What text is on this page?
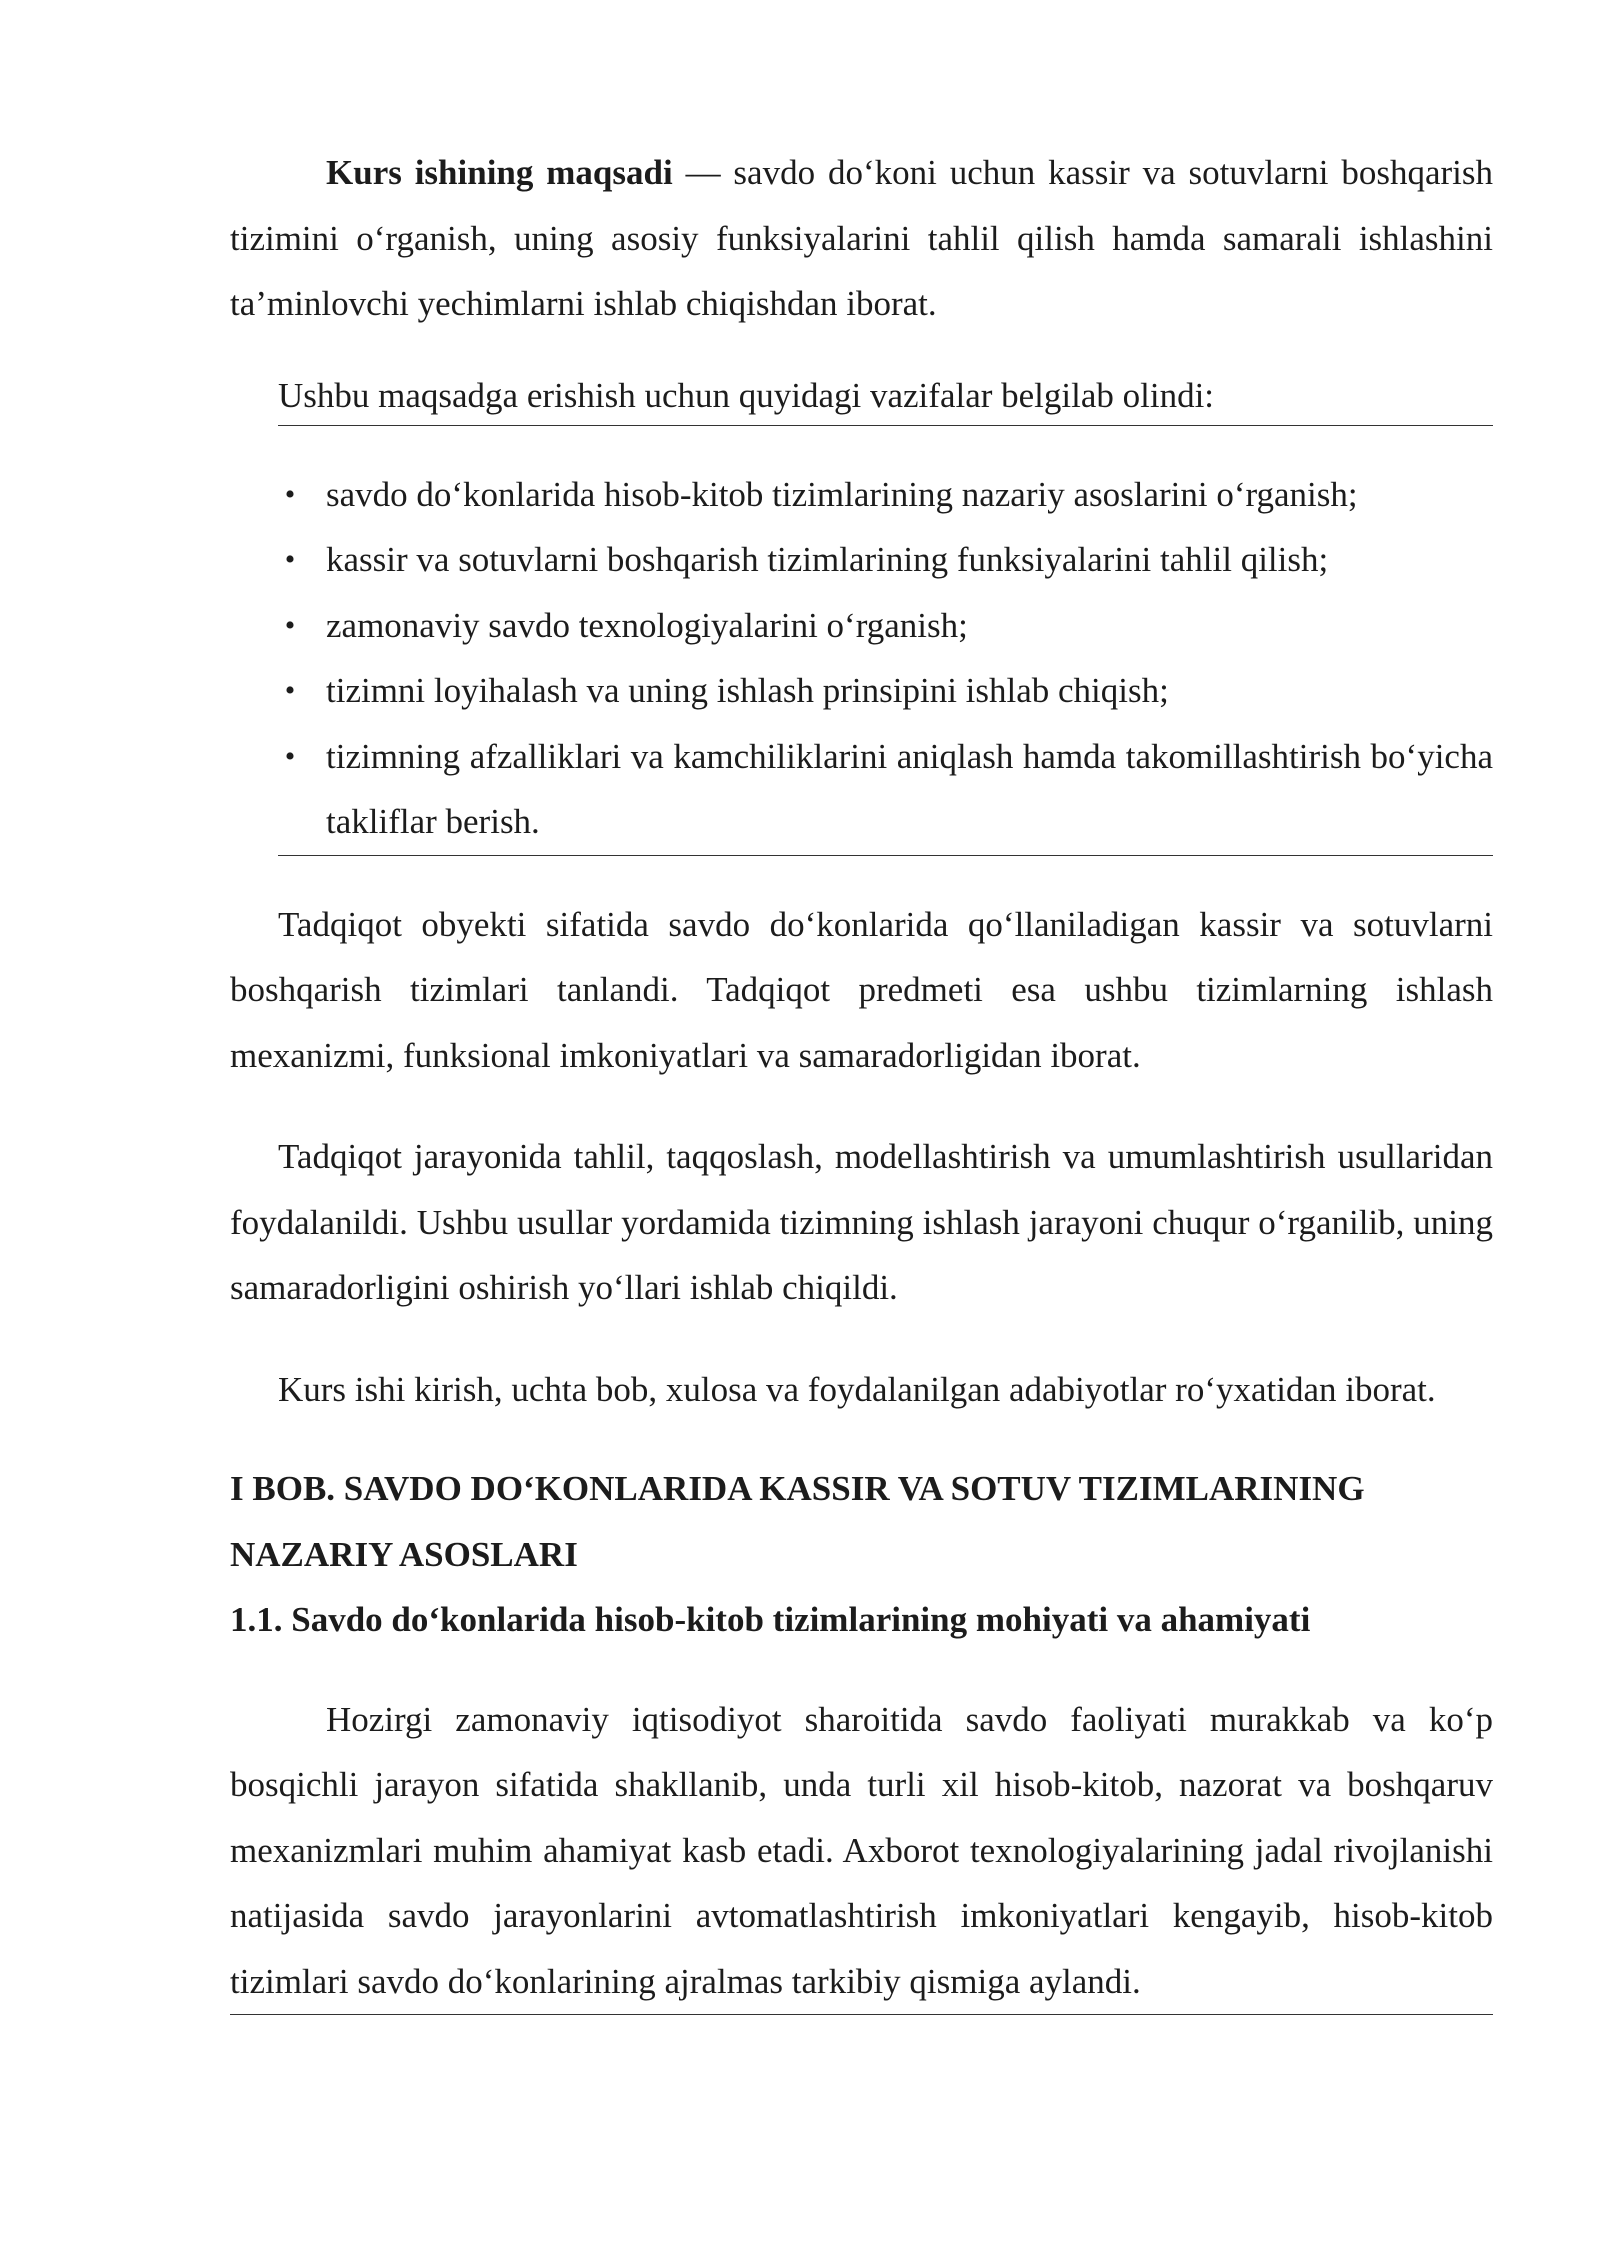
Kurs ishining maqsadi — savdo do‘koni uchun kassir va sotuvlarni boshqarish tizimini o‘rganish, uning asosiy funksiyalarini tahlil qilish hamda samarali ishlashini ta’minlovchi yechimlarni ishlab chiqishdan iborat.

Ushbu maqsadga erishish uchun quyidagi vazifalar belgilab olindi:

• savdo do‘konlarida hisob-kitob tizimlarining nazariy asoslarini o‘rganish;
• kassir va sotuvlarni boshqarish tizimlarining funksiyalarini tahlil qilish;
• zamonaviy savdo texnologiyalarini o‘rganish;
• tizimni loyihalash va uning ishlash prinsipini ishlab chiqish;
• tizimning afzalliklari va kamchiliklarini aniqlash hamda takomillashtirish bo‘yicha takliflar berish.

Tadqiqot obyekti sifatida savdo do‘konlarida qo‘llaniladigan kassir va sotuvlarni boshqarish tizimlari tanlandi. Tadqiqot predmeti esa ushbu tizimlarning ishlash mexanizmi, funksional imkoniyatlari va samaradorligidan iborat.

Tadqiqot jarayonida tahlil, taqqoslash, modellashtirish va umumlashtirish usullaridan foydalanildi. Ushbu usullar yordamida tizimning ishlash jarayoni chuqur o‘rganilib, uning samaradorligini oshirish yo‘llari ishlab chiqildi.

Kurs ishi kirish, uchta bob, xulosa va foydalanilgan adabiyotlar ro‘yxatidan iborat.

I BOB. SAVDO DO‘KONLARIDA KASSIR VA SOTUV TIZIMLARINING NAZARIY ASOSLARI

1.1. Savdo do‘konlarida hisob-kitob tizimlarining mohiyati va ahamiyati

Hozirgi zamonaviy iqtisodiyot sharoitida savdo faoliyati murakkab va ko‘p bosqichli jarayon sifatida shakllanib, unda turli xil hisob-kitob, nazorat va boshqaruv mexanizmlari muhim ahamiyat kasb etadi. Axborot texnologiyalarining jadal rivojlanishi natijasida savdo jarayonlarini avtomatlashtirish imkoniyatlari kengayib, hisob-kitob tizimlari savdo do‘konlarining ajralmas tarkibiy qismiga aylandi.
